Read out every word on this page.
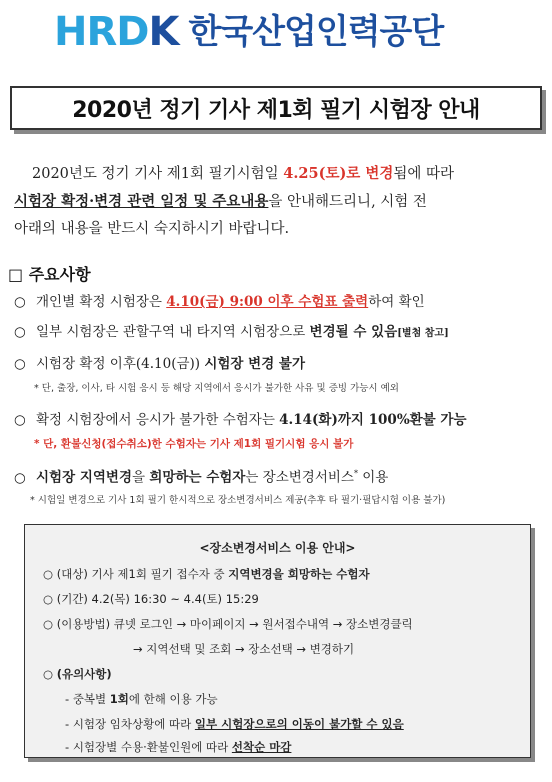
HRDK 한국산업인력공단
2020년 정기 기사 제1회 필기 시험장 안내
2020년도 정기 기사 제1회 필기시험일 4.25(토)로 변경됨에 따라
시험장 확정·변경 관련 일정 및 주요내용을 안내해드리니, 시험 전
아래의 내용을 반드시 숙지하시기 바랍니다.
□ 주요사항
○ 개인별 확정 시험장은 4.10(금) 9:00 이후 수험표 출력하여 확인
○ 일부 시험장은 관할구역 내 타지역 시험장으로 변경될 수 있음[별첨 참고]
○ 시험장 확정 이후(4.10(금)) 시험장 변경 불가
* 단, 출장, 이사, 타 시험 응시 등 해당 지역에서 응시가 불가한 사유 및 증빙 가능시 예외
○ 확정 시험장에서 응시가 불가한 수험자는 4.14(화)까지 100%환불 가능
* 단, 환불신청(접수취소)한 수험자는 기사 제1회 필기시험 응시 불가
○ 시험장 지역변경을 희망하는 수험자는 장소변경서비스* 이용
* 시험일 변경으로 기사 1회 필기 한시적으로 장소변경서비스 제공(추후 타 필기·필답시험 이용 불가)
<장소변경서비스 이용 안내>
○ (대상) 기사 제1회 필기 접수자 중 지역변경을 희망하는 수험자
○ (기간) 4.2(목) 16:30 ~ 4.4(토) 15:29
○ (이용방법) 큐넷 로그인 → 마이페이지 → 원서접수내역 → 장소변경클릭
→ 지역선택 및 조회 → 장소선택 → 변경하기
○ (유의사항)
- 중복별 1회에 한해 이용 가능
- 시험장 임차상황에 따라 일부 시험장으로의 이동이 불가할 수 있음
- 시험장별 수용·환불인원에 따라 선착순 마감
